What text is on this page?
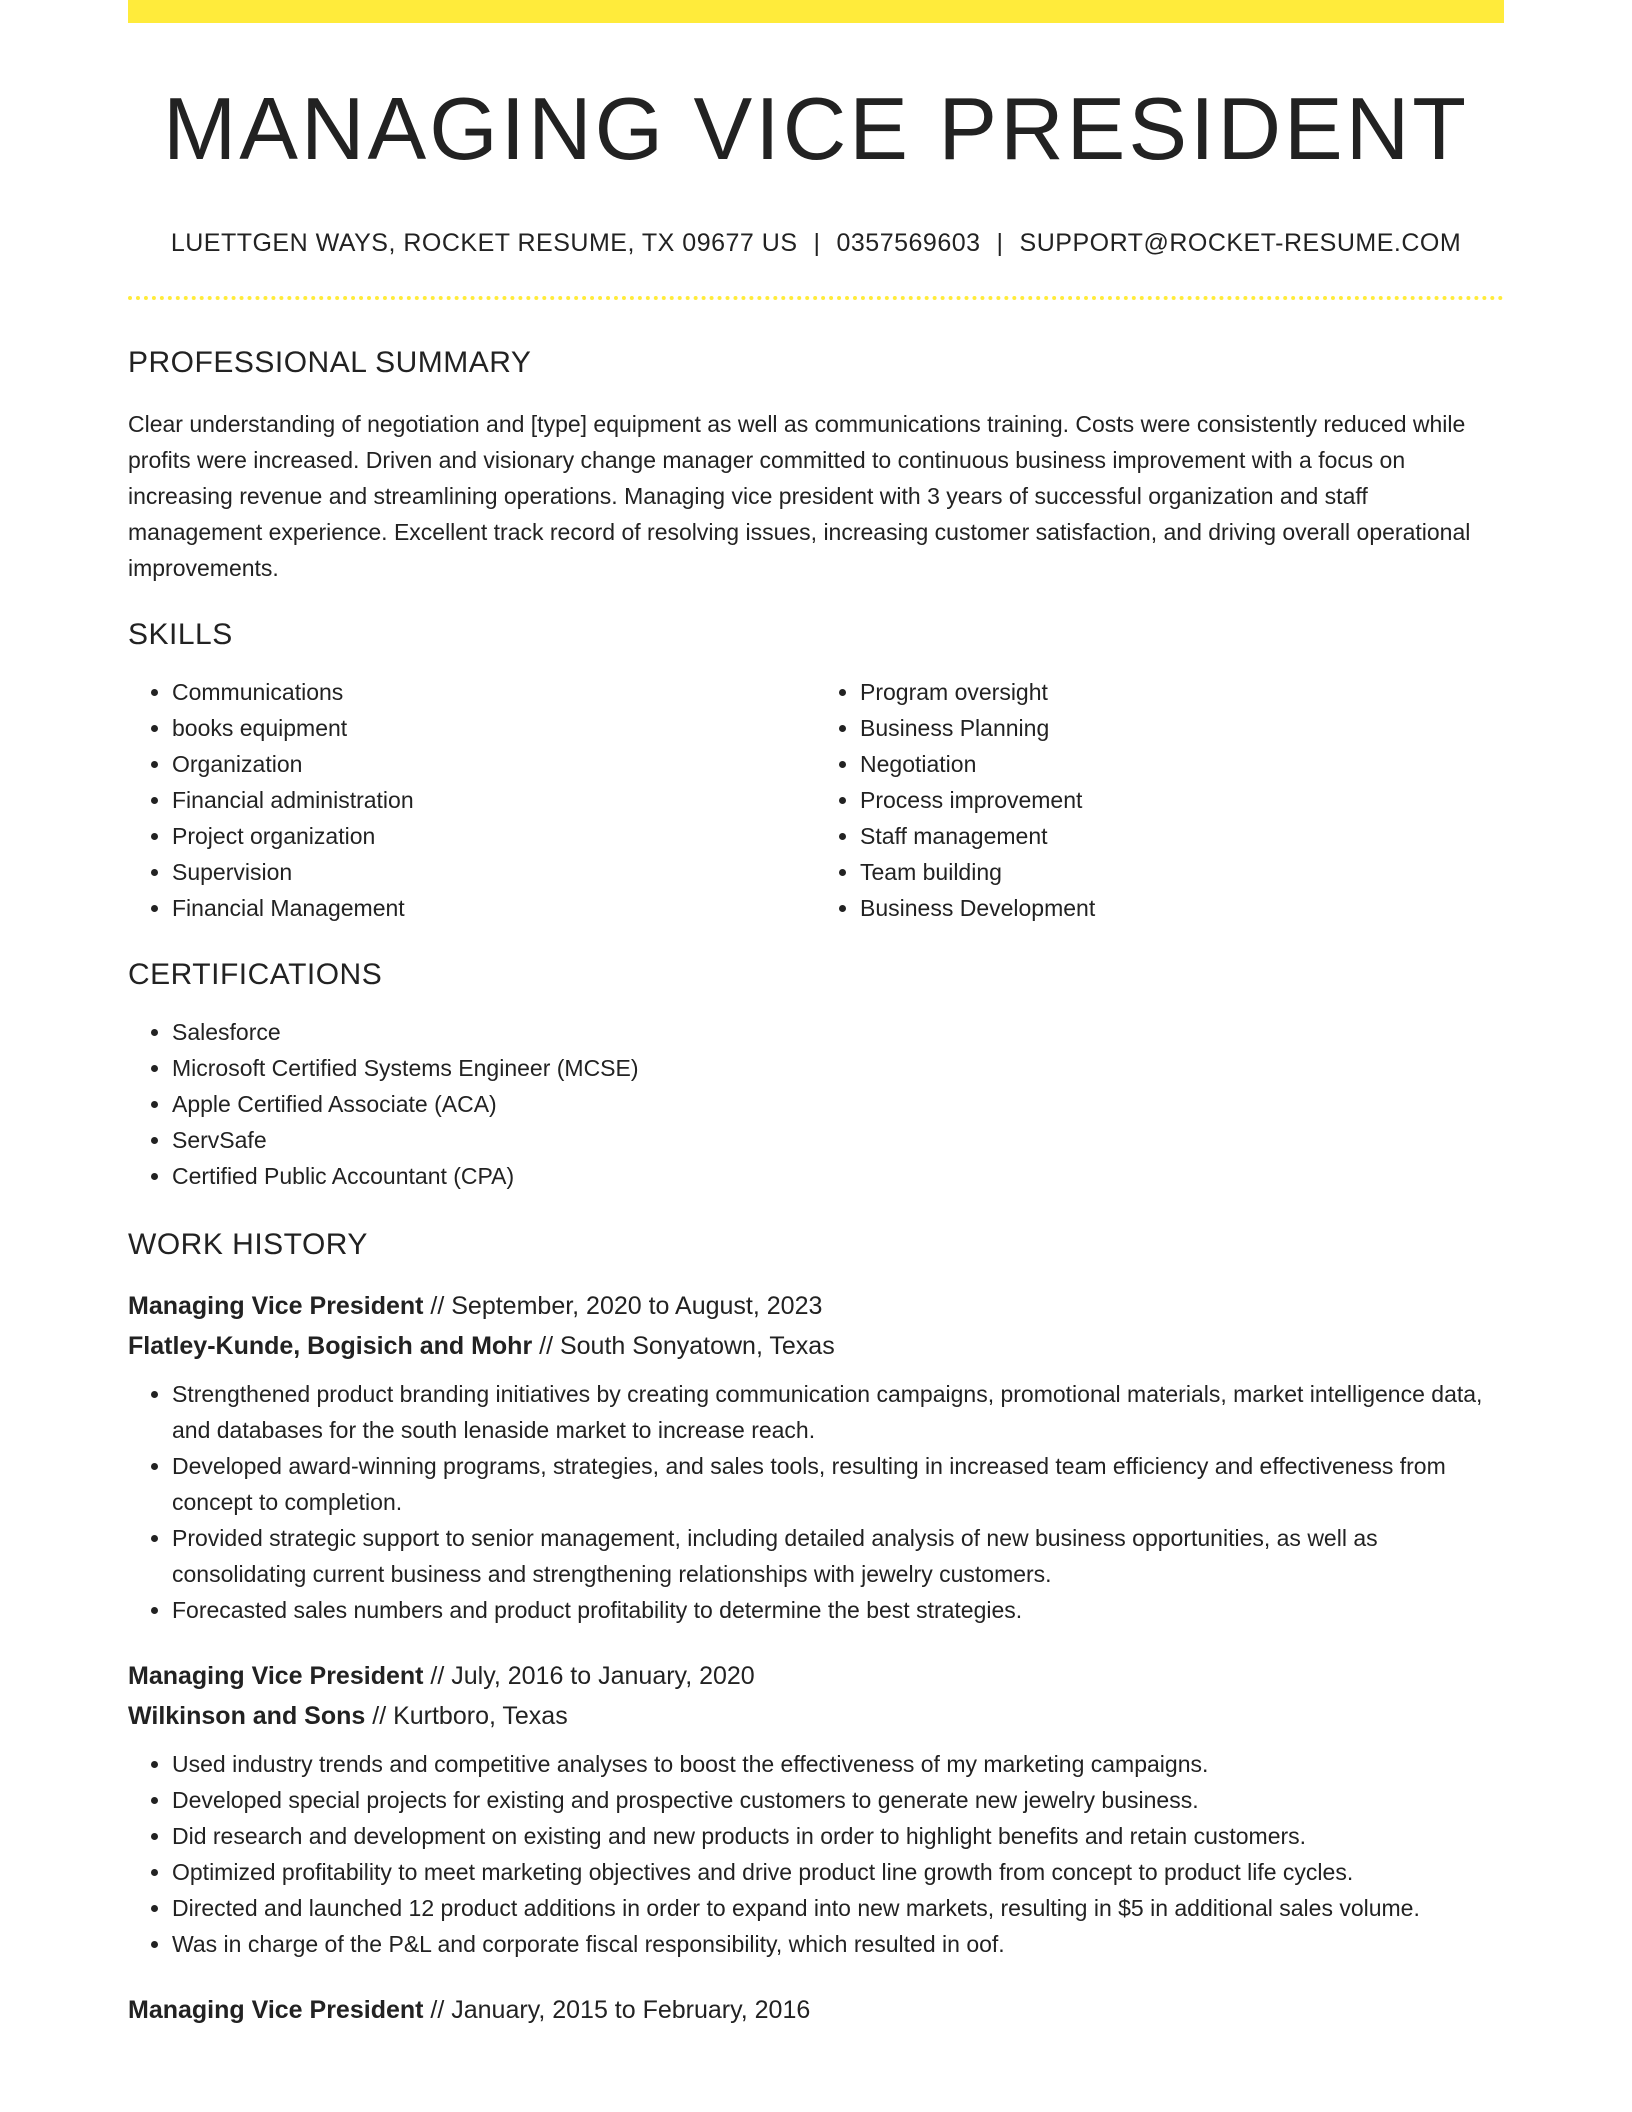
MANAGING VICE PRESIDENT
LUETTGEN WAYS, ROCKET RESUME, TX 09677 US | 0357569603 | SUPPORT@ROCKET-RESUME.COM
PROFESSIONAL SUMMARY

Clear understanding of negotiation and [type] equipment as well as communications training. Costs were consistently reduced while profits were increased. Driven and visionary change manager committed to continuous business improvement with a focus on increasing revenue and streamlining operations. Managing vice president with 3 years of successful organization and staff management experience. Excellent track record of resolving issues, increasing customer satisfaction, and driving overall operational improvements.

SKILLS
• Communications
• books equipment
• Organization
• Financial administration
• Project organization
• Supervision
• Financial Management
• Program oversight
• Business Planning
• Negotiation
• Process improvement
• Staff management
• Team building
• Business Development
CERTIFICATIONS
• Salesforce
• Microsoft Certified Systems Engineer (MCSE)
• Apple Certified Associate (ACA)
• ServSafe
• Certified Public Accountant (CPA)
WORK HISTORY
Managing Vice President // September, 2020 to August, 2023
Flatley-Kunde, Bogisich and Mohr // South Sonyatown, Texas
• Strengthened product branding initiatives by creating communication campaigns, promotional materials, market intelligence data, and databases for the south lenaside market to increase reach.
• Developed award-winning programs, strategies, and sales tools, resulting in increased team efficiency and effectiveness from concept to completion.
• Provided strategic support to senior management, including detailed analysis of new business opportunities, as well as consolidating current business and strengthening relationships with jewelry customers.
• Forecasted sales numbers and product profitability to determine the best strategies.
Managing Vice President // July, 2016 to January, 2020
Wilkinson and Sons // Kurtboro, Texas
• Used industry trends and competitive analyses to boost the effectiveness of my marketing campaigns.
• Developed special projects for existing and prospective customers to generate new jewelry business.
• Did research and development on existing and new products in order to highlight benefits and retain customers.
• Optimized profitability to meet marketing objectives and drive product line growth from concept to product life cycles.
• Directed and launched 12 product additions in order to expand into new markets, resulting in $5 in additional sales volume.
• Was in charge of the P&L and corporate fiscal responsibility, which resulted in oof.
Managing Vice President // January, 2015 to February, 2016
